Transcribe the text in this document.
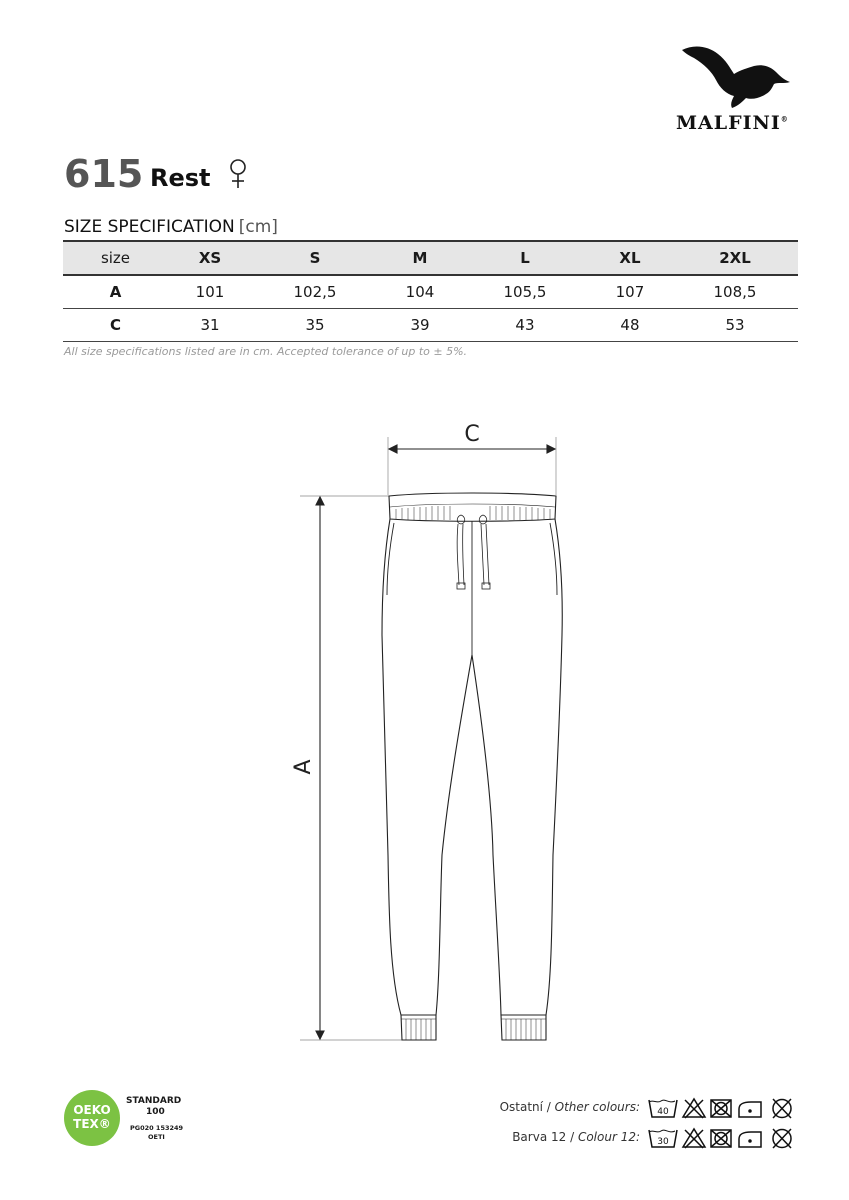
MALFINI®
615 Rest
SIZE SPECIFICATION [cm]
size	XS	S	M	L	XL	2XL
A	101	102,5	104	105,5	107	108,5
C	31	35	39	43	48	53
All size specifications listed are in cm. Accepted tolerance of up to ± 5%.
C
A
OEKO
TEX®
STANDARD
100
PG020 153249
OETI
Ostatní / Other colours: 40
Barva 12 / Colour 12: 30
